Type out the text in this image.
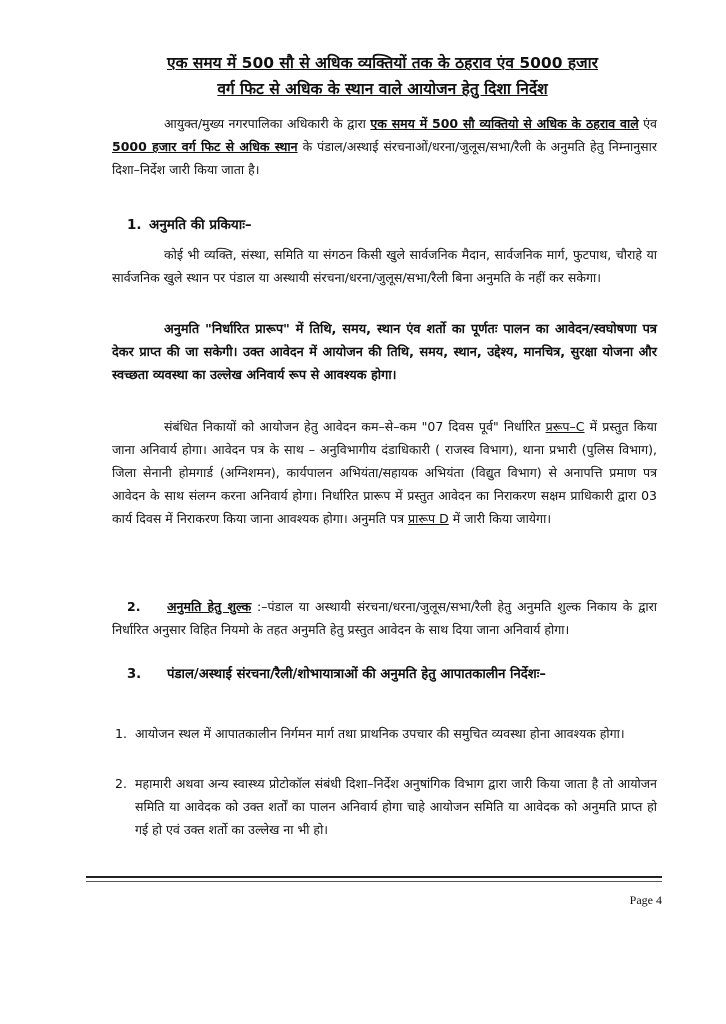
एक समय में 500 सौ से अधिक व्यक्तियों तक के ठहराव एंव 5000 हजार
वर्ग फिट से अधिक के स्थान वाले आयोजन हेतु दिशा निर्देश
आयुक्त/मुख्य नगरपालिका अधिकारी के द्वारा एक समय में 500 सौ व्यक्तियो से अधिक के ठहराव वाले एंव 5000 हजार वर्ग फिट से अधिक स्थान के पंडाल/अस्थाई संरचनाओं/धरना/जुलूस/सभा/रैली के अनुमति हेतु निम्नानुसार दिशा–निर्देश जारी किया जाता है।
1. अनुमति की प्रकियाः–
कोई भी व्यक्ति, संस्था, समिति या संगठन किसी खुले सार्वजनिक मैदान, सार्वजनिक मार्ग, फुटपाथ, चौराहे या सार्वजनिक खुले स्थान पर पंडाल या अस्थायी संरचना/धरना/जुलूस/सभा/रैली बिना अनुमति के नहीं कर सकेगा।
अनुमति "निर्धारित प्रारूप" में तिथि, समय, स्थान एंव शर्तो का पूर्णतः पालन का आवेदन/स्वघोषणा पत्र देकर प्राप्त की जा सकेगी। उक्त आवेदन में आयोजन की तिथि, समय, स्थान, उद्देश्य, मानचित्र, सुरक्षा योजना और स्वच्छता व्यवस्था का उल्लेख अनिवार्य रूप से आवश्यक होगा।
संबंधित निकायों को आयोजन हेतु आवेदन कम–से–कम "07 दिवस पूर्व" निर्धारित प्ररूप–C में प्रस्तुत किया जाना अनिवार्य होगा। आवेदन पत्र के साथ – अनुविभागीय दंडाधिकारी ( राजस्व विभाग), थाना प्रभारी (पुलिस विभाग), जिला सेनानी होमगार्ड (अग्निशमन), कार्यपालन अभियंता/सहायक अभियंता (विद्युत विभाग) से अनापत्ति प्रमाण पत्र आवेदन के साथ संलग्न करना अनिवार्य होगा। निर्धारित प्रारूप में प्रस्तुत आवेदन का निराकरण सक्षम प्राधिकारी द्वारा 03 कार्य दिवस में निराकरण किया जाना आवश्यक होगा। अनुमति पत्र प्रारूप D में जारी किया जायेगा।
2. अनुमति हेतु शुल्क :–पंडाल या अस्थायी संरचना/धरना/जुलूस/सभा/रैली हेतु अनुमति शुल्क निकाय के द्वारा निर्धारित अनुसार विहित नियमो के तहत अनुमति हेतु प्रस्तुत आवेदन के साथ दिया जाना अनिवार्य होगा।
3. पंडाल/अस्थाई संरचना/रैली/शोभायात्राओं की अनुमति हेतु आपातकालीन निर्देशः–
1. आयोजन स्थल में आपातकालीन निर्गमन मार्ग तथा प्राथनिक उपचार की समुचित व्यवस्था होना आवश्यक होगा।
2. महामारी अथवा अन्य स्वास्थ्य प्रोटोकॉल संबंधी दिशा–निर्देश अनुषांगिक विभाग द्वारा जारी किया जाता है तो आयोजन समिति या आवेदक को उक्त शर्तों का पालन अनिवार्य होगा चाहे आयोजन समिति या आवेदक को अनुमति प्राप्त हो गई हो एवं उक्त शर्तो का उल्लेख ना भी हो।
Page 4
